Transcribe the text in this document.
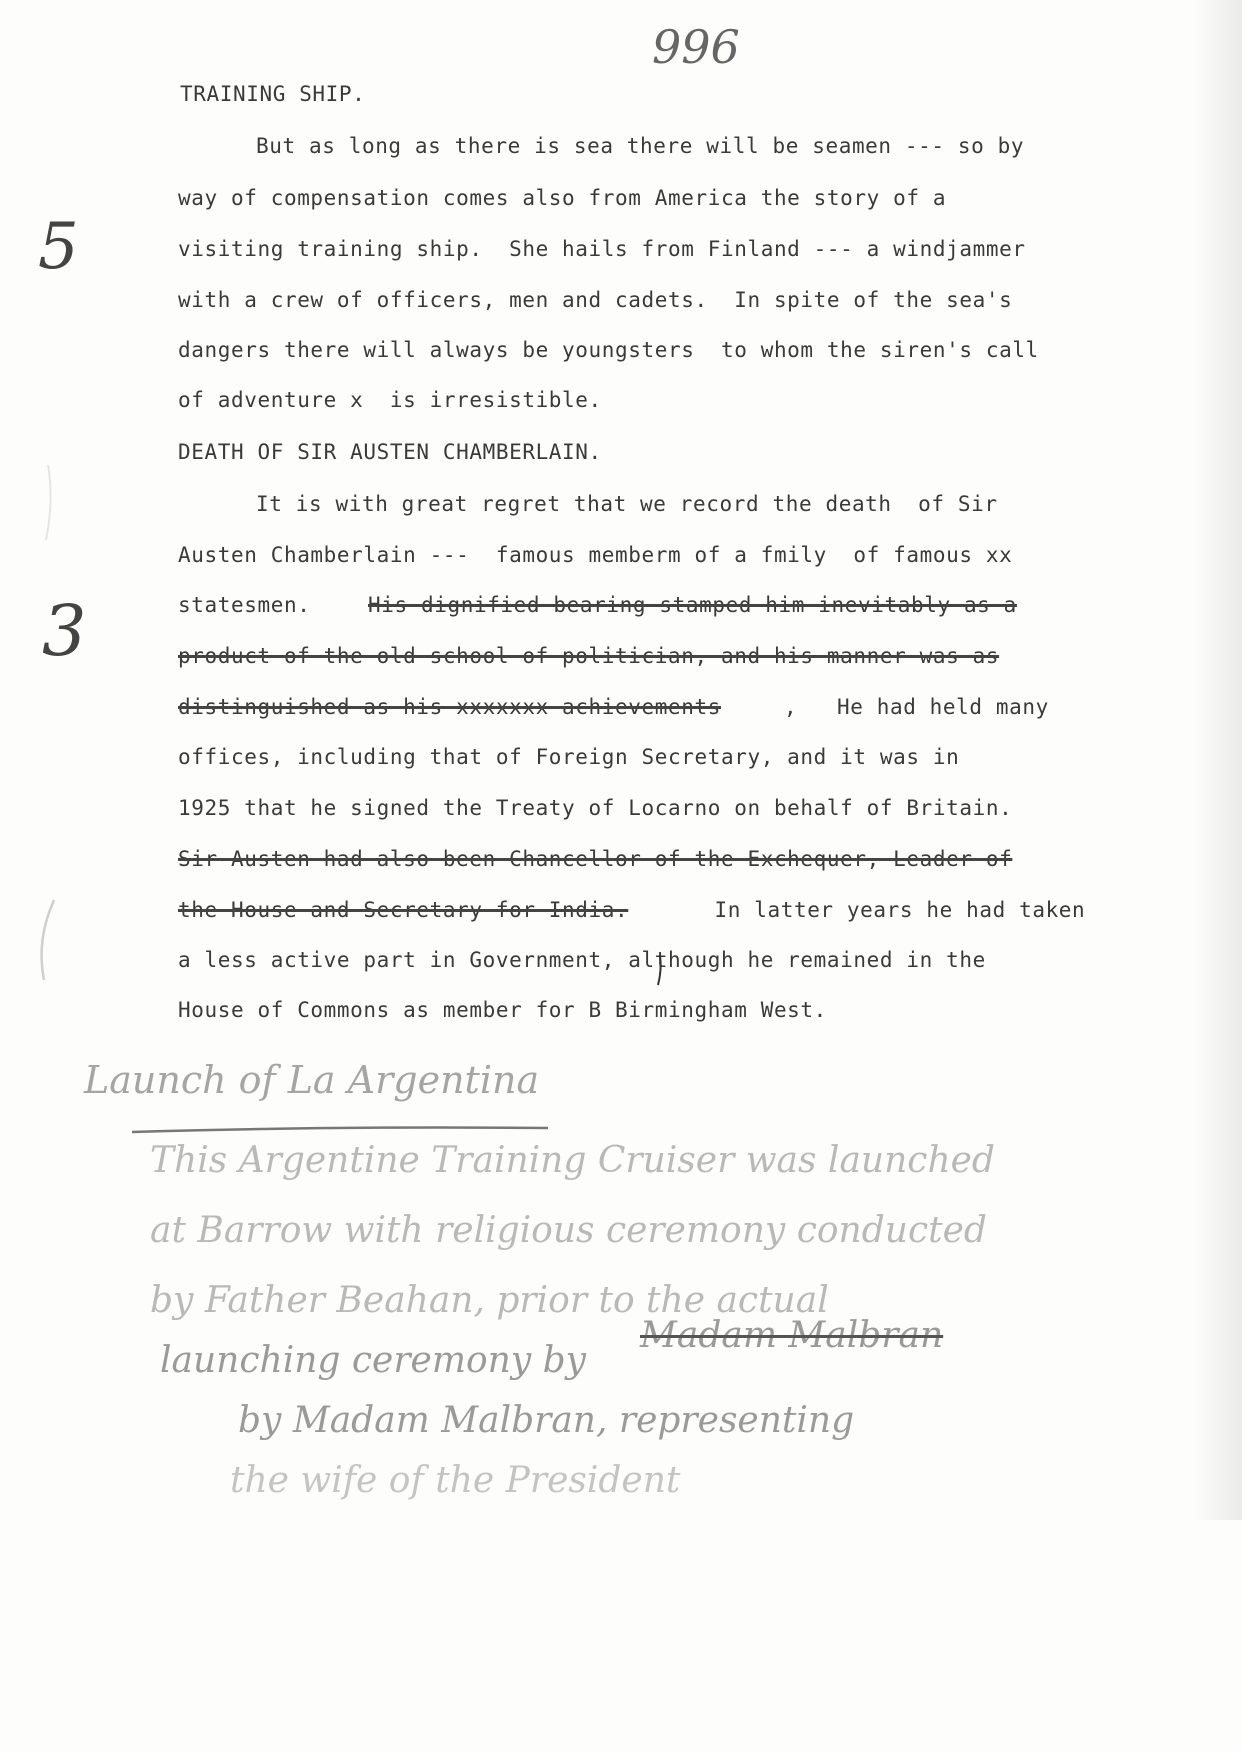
996
5
3
TRAINING SHIP.
But as long as there is sea there will be seamen --- so by
way of compensation comes also from America the story of a
visiting training ship.  She hails from Finland --- a windjammer
with a crew of officers, men and cadets.  In spite of the sea's
dangers there will always be youngsters  to whom the siren's call
of adventure x  is irresistible.
DEATH OF SIR AUSTEN CHAMBERLAIN.
It is with great regret that we record the death  of Sir
Austen Chamberlain ---  famous memberm of a fmily  of famous xx
statesmen.	His dignified bearing stamped him inevitably as a
product of the old school of politician, and his manner was as
distinguished as his xxxxxxx achievements	,   He had held many
offices, including that of Foreign Secretary, and it was in
1925 that he signed the Treaty of Locarno on behalf of Britain.
Sir Austen had also been Chancellor of the Exchequer, Leader of
the House and Secretary for India.	In latter years he had taken
a less active part in Government, although he remained in the
House of Commons as member for B Birmingham West.
Launch of La Argentina
This Argentine Training Cruiser was launched
at Barrow with religious ceremony conducted
by Father Beahan, prior to the actual
launching ceremony by
Madam Malbran
by Madam Malbran, representing
the wife of the President
